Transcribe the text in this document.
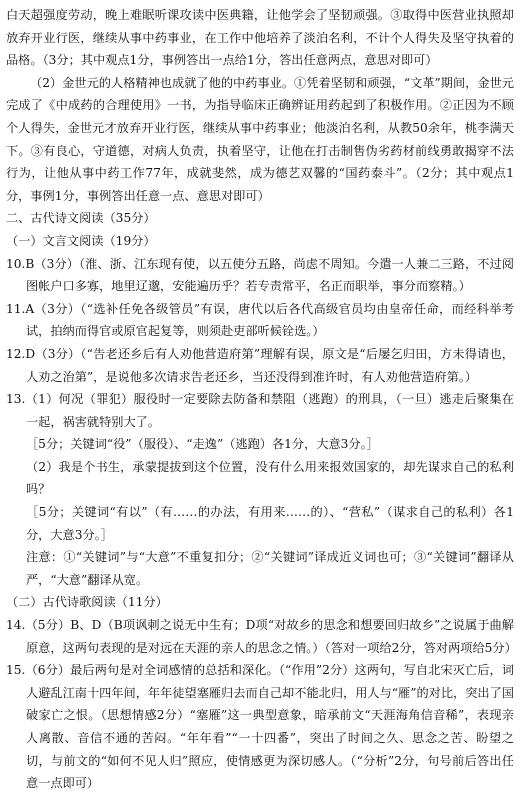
白天超强度劳动，晚上难眠听课攻读中医典籍，让他学会了坚韧顽强。③取得中医营业执照却放弃开业行医，继续从事中药事业，在工作中他培养了淡泊名利，不计个人得失及坚守执着的品格。（3分；其中观点1分，事例答出一点给1分，答出任意两点，意思对即可）

（2）金世元的人格精神也成就了他的中药事业。①凭着坚韧和顽强，“文革”期间，金世元完成了《中成药的合理使用》一书，为指导临床正确辨证用药起到了积极作用。②正因为不顾个人得失，金世元才放弃开业行医，继续从事中药事业；他淡泊名利，从教50余年，桃李满天下。③有良心，守道德，对病人负责，执着坚守，让他在打击制售伪劣药材前线勇敢揭穿不法行为，让他从事中药工作77年，成就斐然，成为德艺双馨的“国药泰斗”。（2分；其中观点1分，事例1分，事例答出任意一点、意思对即可）

二、古代诗文阅读（35分）

（一）文言文阅读（19分）

10.B（3分）（淮、浙、江东现有使，以五使分五路，尚虑不周知。今遣一人兼二三路，不过阅图帐户口多寡，地里辽邈，安能遍历乎？若专责常平，名正而职举，事分而察精。）

11.A（3分）（“选补任免各级管员”有误，唐代以后各代高级官员均由皇帝任命，而经科举考试，拍纳而得官或原官起复等，则须赴吏部听候铨选。）

12.D（3分）（“告老还乡后有人劝他营造府第”理解有误，原文是“后屡乞归田，方未得请也，人劝之治第”，是说他多次请求告老还乡，当还没得到准许时，有人劝他营造府第。）

13.（1）何况（罪犯）服役时一定要除去防备和禁阻（逃跑）的刑具，（一旦）逃走后聚集在一起，祸害就特别大了。

［5分；关键词“役”（服役）、“走逸”（逃跑）各1分，大意3分。］

（2）我是个书生，承蒙提拔到这个位置，没有什么用来报效国家的，却先谋求自己的私利吗？

［5分；关键词“有以”（有……的办法，有用来……的）、“营私”（谋求自己的私利）各1分，大意3分。］

注意：①“关键词”与“大意”不重复扣分；②“关键词”译成近义词也可；③“关键词”翻译从严，“大意”翻译从宽。

（二）古代诗歌阅读（11分）

14.（5分）B、D（B项讽刺之说无中生有；D项“对故乡的思念和想要回归故乡”之说属于曲解原意，这两句表现的是对远在天涯的亲人的思念之情。）（答对一项给2分，答对两项给5分）

15.（6分）最后两句是对全词感情的总括和深化。（“作用”2分）这两句，写自北宋灭亡后，词人避乱江南十四年间，年年徒望塞雁归去而自己却不能北归，用人与“雁”的对比，突出了国破家亡之恨。（思想情感2分）“塞雁”这一典型意象，暗承前文“天涯海角信音稀”，表现亲人离散、音信不通的苦闷。“年年看”“一十四番”，突出了时间之久、思念之苦、盼望之切，与前文的“如何不见人归”照应，使情感更为深切感人。（“分析”2分，句号前后答出任意一点即可）
